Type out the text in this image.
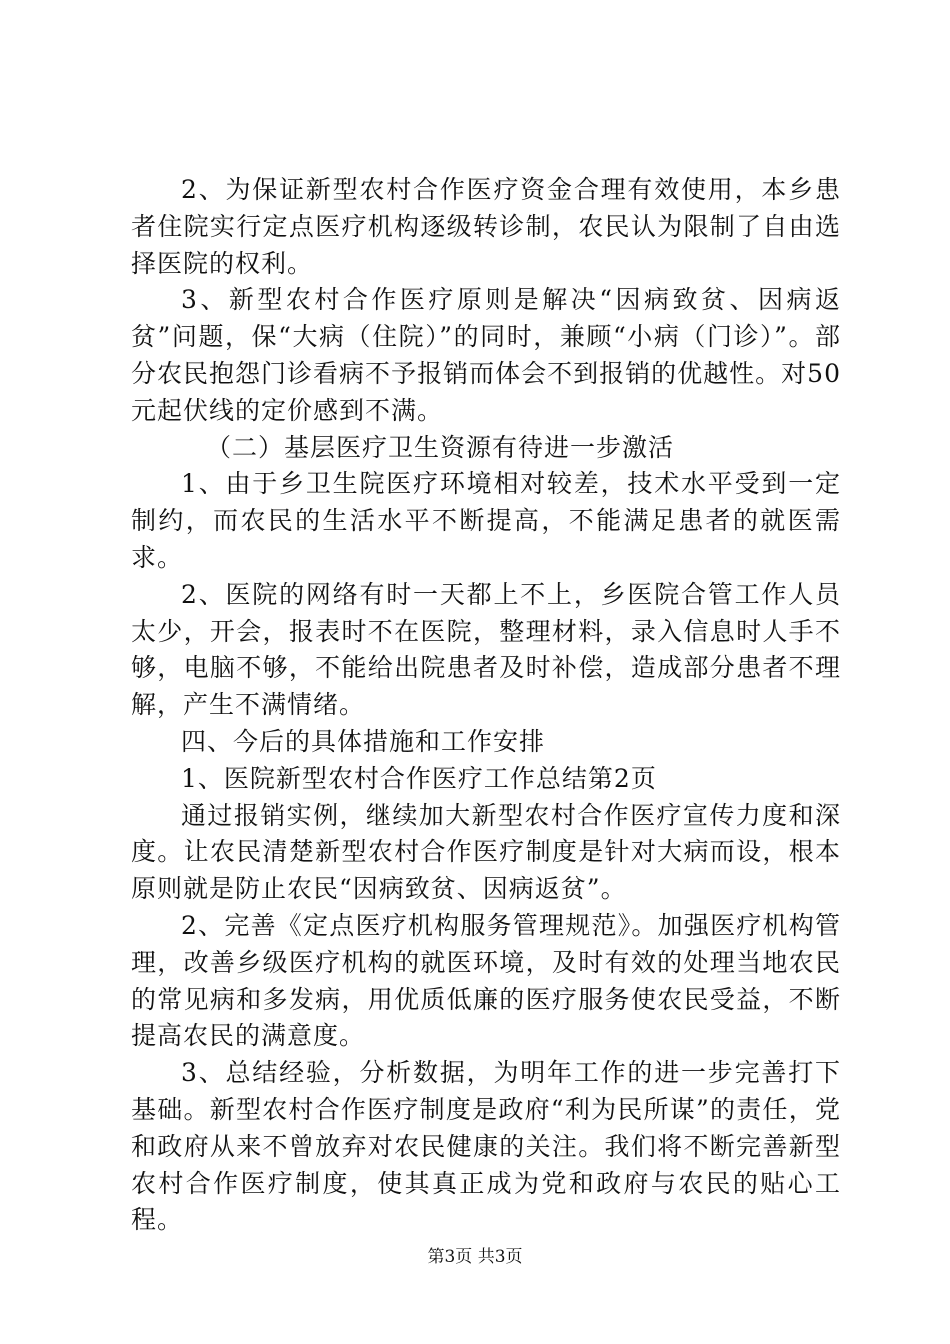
2、为保证新型农村合作医疗资金合理有效使用，本乡患者住院实行定点医疗机构逐级转诊制，农民认为限制了自由选择医院的权利。

3、新型农村合作医疗原则是解决“因病致贫、因病返贫”问题，保“大病（住院）”的同时，兼顾“小病（门诊）”。部分农民抱怨门诊看病不予报销而体会不到报销的优越性。对50元起伏线的定价感到不满。

（二）基层医疗卫生资源有待进一步激活

1、由于乡卫生院医疗环境相对较差，技术水平受到一定制约，而农民的生活水平不断提高，不能满足患者的就医需求。

2、医院的网络有时一天都上不上，乡医院合管工作人员太少，开会，报表时不在医院，整理材料，录入信息时人手不够，电脑不够，不能给出院患者及时补偿，造成部分患者不理解，产生不满情绪。

四、今后的具体措施和工作安排

1、医院新型农村合作医疗工作总结第2页

通过报销实例，继续加大新型农村合作医疗宣传力度和深度。让农民清楚新型农村合作医疗制度是针对大病而设，根本原则就是防止农民“因病致贫、因病返贫”。

2、完善《定点医疗机构服务管理规范》。加强医疗机构管理，改善乡级医疗机构的就医环境，及时有效的处理当地农民的常见病和多发病，用优质低廉的医疗服务使农民受益，不断提高农民的满意度。

3、总结经验，分析数据，为明年工作的进一步完善打下基础。新型农村合作医疗制度是政府“利为民所谋”的责任，党和政府从来不曾放弃对农民健康的关注。我们将不断完善新型农村合作医疗制度，使其真正成为党和政府与农民的贴心工程。

第3页 共3页
